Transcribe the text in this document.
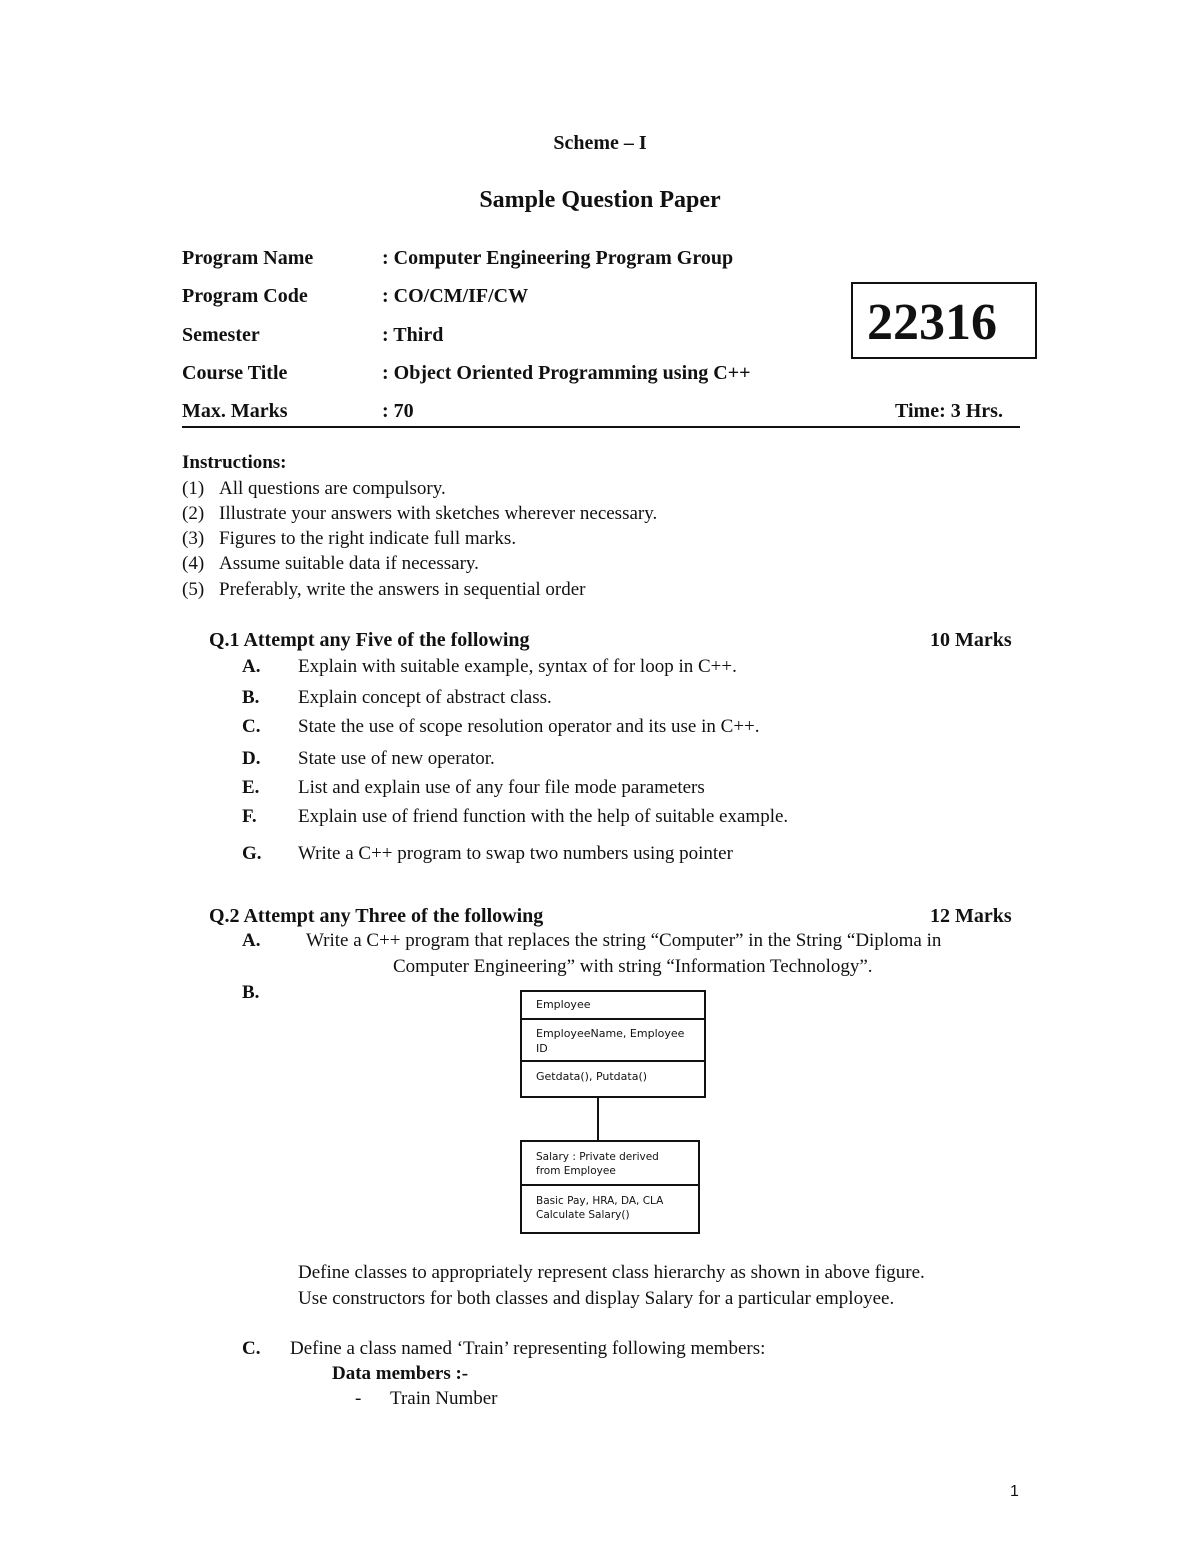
Scheme – I
Sample Question Paper
Program Name	: Computer Engineering Program Group
Program Code	: CO/CM/IF/CW
Semester	: Third
Course Title	: Object Oriented Programming using C++
Max. Marks	: 70	Time: 3 Hrs.
22316
Instructions:
(1) All questions are compulsory.
(2) Illustrate your answers with sketches wherever necessary.
(3) Figures to the right indicate full marks.
(4) Assume suitable data if necessary.
(5) Preferably, write the answers in sequential order
Q.1 Attempt any Five of the following	10 Marks
A. Explain with suitable example, syntax of for loop in C++.
B. Explain concept of abstract class.
C. State the use of scope resolution operator and its use in C++.
D. State use of new operator.
E. List and explain use of any four file mode parameters
F. Explain use of friend function with the help of suitable example.
G. Write a C++ program to swap two numbers using pointer
Q.2 Attempt any Three of the following	12 Marks
A. Write a C++ program that replaces the string “Computer” in the String “Diploma in
Computer Engineering” with string “Information Technology”.
B.
Employee
EmployeeName, Employee ID
Getdata(), Putdata()
Salary : Private derived from Employee
Basic Pay, HRA, DA, CLA Calculate Salary()
Define classes to appropriately represent class hierarchy as shown in above figure.
Use constructors for both classes and display Salary for a particular employee.
C. Define a class named ‘Train’ representing following members:
Data members :-
- Train Number
1
